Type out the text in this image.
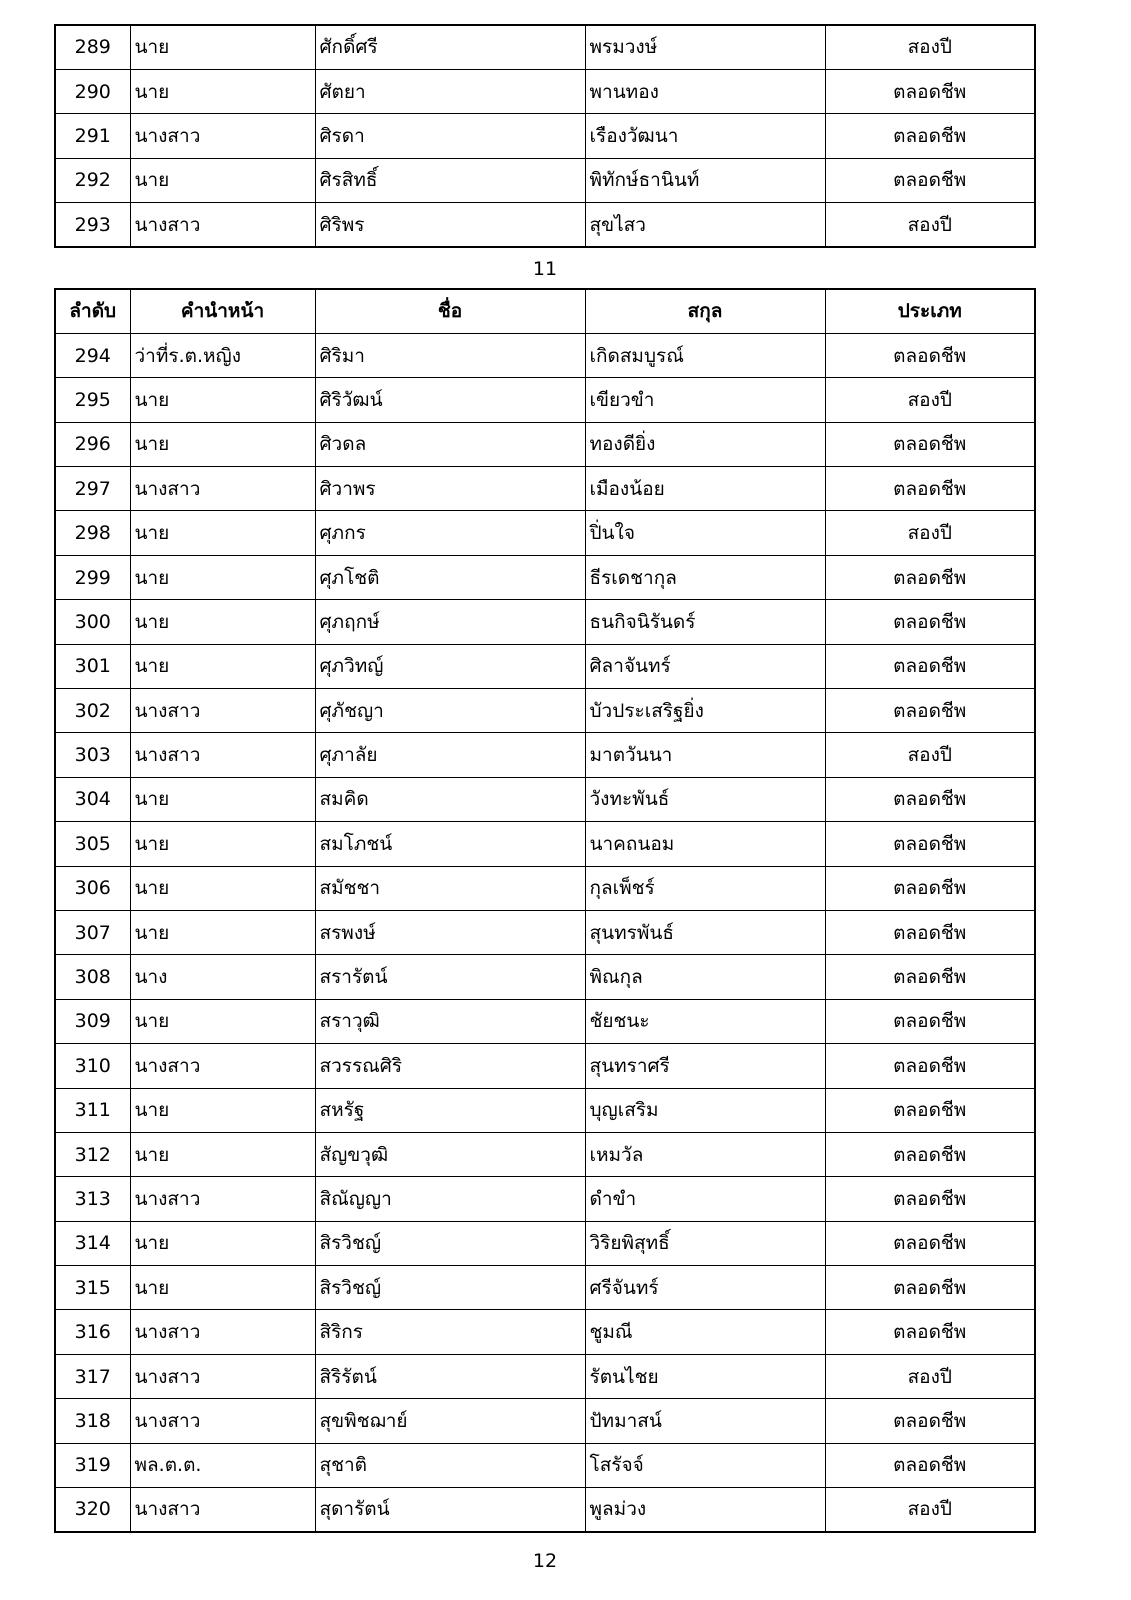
289	นาย	ศักดิ์ศรี	พรมวงษ์	สองปี
290	นาย	ศัตยา	พานทอง	ตลอดชีพ
291	นางสาว	ศิรดา	เรืองวัฒนา	ตลอดชีพ
292	นาย	ศิรสิทธิ์	พิทักษ์ธานินท์	ตลอดชีพ
293	นางสาว	ศิริพร	สุขไสว	สองปี
11
ลำดับ	คำนำหน้า	ชื่อ	สกุล	ประเภท
294	ว่าที่ร.ต.หญิง	ศิริมา	เกิดสมบูรณ์	ตลอดชีพ
295	นาย	ศิริวัฒน์	เขียวขำ	สองปี
296	นาย	ศิวดล	ทองดียิ่ง	ตลอดชีพ
297	นางสาว	ศิวาพร	เมืองน้อย	ตลอดชีพ
298	นาย	ศุภกร	ปิ่นใจ	สองปี
299	นาย	ศุภโชติ	ธีรเดชากุล	ตลอดชีพ
300	นาย	ศุภฤกษ์	ธนกิจนิรันดร์	ตลอดชีพ
301	นาย	ศุภวิทญ์	ศิลาจันทร์	ตลอดชีพ
302	นางสาว	ศุภัชญา	บัวประเสริฐยิ่ง	ตลอดชีพ
303	นางสาว	ศุภาลัย	มาตวันนา	สองปี
304	นาย	สมคิด	วังทะพันธ์	ตลอดชีพ
305	นาย	สมโภชน์	นาคถนอม	ตลอดชีพ
306	นาย	สมัชชา	กุลเพ็ชร์	ตลอดชีพ
307	นาย	สรพงษ์	สุนทรพันธ์	ตลอดชีพ
308	นาง	สรารัตน์	พิณกุล	ตลอดชีพ
309	นาย	สราวุฒิ	ชัยชนะ	ตลอดชีพ
310	นางสาว	สวรรณศิริ	สุนทราศรี	ตลอดชีพ
311	นาย	สหรัฐ	บุญเสริม	ตลอดชีพ
312	นาย	สัญขวุฒิ	เหมวัล	ตลอดชีพ
313	นางสาว	สิณัญญา	ดำขำ	ตลอดชีพ
314	นาย	สิรวิชญ์	วิริยพิสุทธิ์	ตลอดชีพ
315	นาย	สิรวิชญ์	ศรีจันทร์	ตลอดชีพ
316	นางสาว	สิริกร	ชูมณี	ตลอดชีพ
317	นางสาว	สิริรัตน์	รัตนไชย	สองปี
318	นางสาว	สุขพิชฌาย์	ปัทมาสน์	ตลอดชีพ
319	พล.ต.ต.	สุชาติ	โสรัจจ์	ตลอดชีพ
320	นางสาว	สุดารัตน์	พูลม่วง	สองปี
12
